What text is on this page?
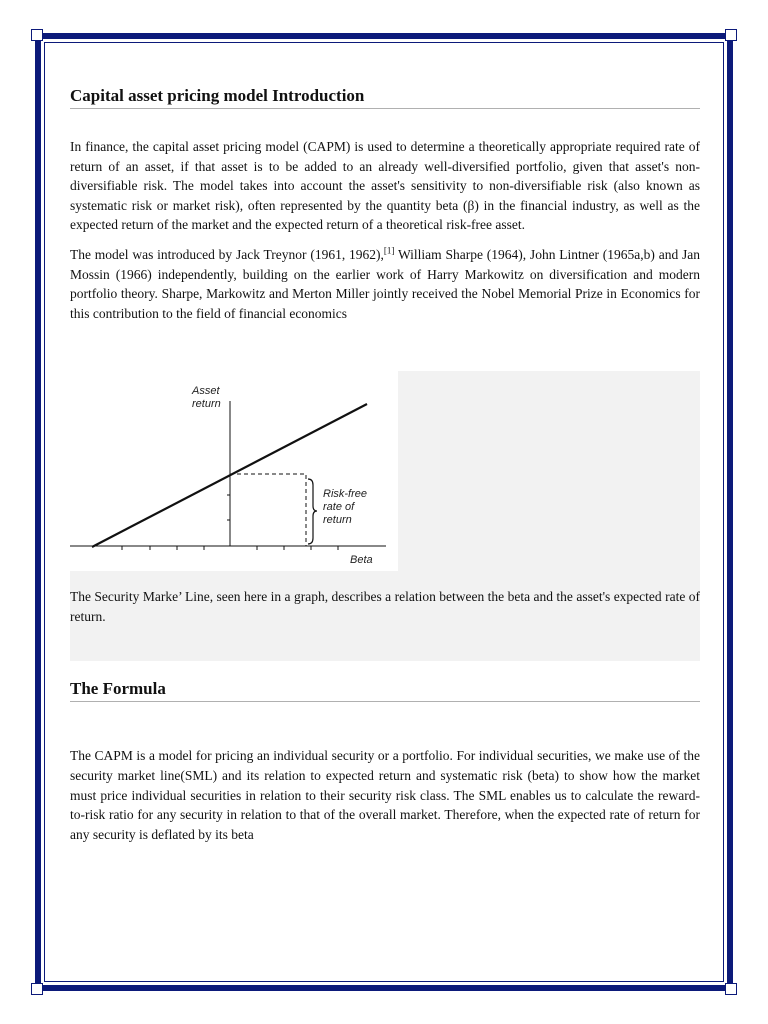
Capital asset pricing model Introduction

In finance, the capital asset pricing model (CAPM) is used to determine a theoretically appropriate required rate of return of an asset, if that asset is to be added to an already well-diversified portfolio, given that asset's non-diversifiable risk. The model takes into account the asset's sensitivity to non-diversifiable risk (also known as systematic risk or market risk), often represented by the quantity beta (β) in the financial industry, as well as the expected return of the market and the expected return of a theoretical risk-free asset.

The model was introduced by Jack Treynor (1961, 1962),[1] William Sharpe (1964), John Lintner (1965a,b) and Jan Mossin (1966) independently, building on the earlier work of Harry Markowitz on diversification and modern portfolio theory. Sharpe, Markowitz and Merton Miller jointly received the Nobel Memorial Prize in Economics for this contribution to the field of financial economics

Asset
return
Risk-free
rate of
return
Beta

The Security Marke’ Line, seen here in a graph, describes a relation between the beta and the asset's expected rate of return.

The Formula

The CAPM is a model for pricing an individual security or a portfolio. For individual securities, we make use of the security market line(SML) and its relation to expected return and systematic risk (beta) to show how the market must price individual securities in relation to their security risk class. The SML enables us to calculate the reward-to-risk ratio for any security in relation to that of the overall market. Therefore, when the expected rate of return for any security is deflated by its beta
